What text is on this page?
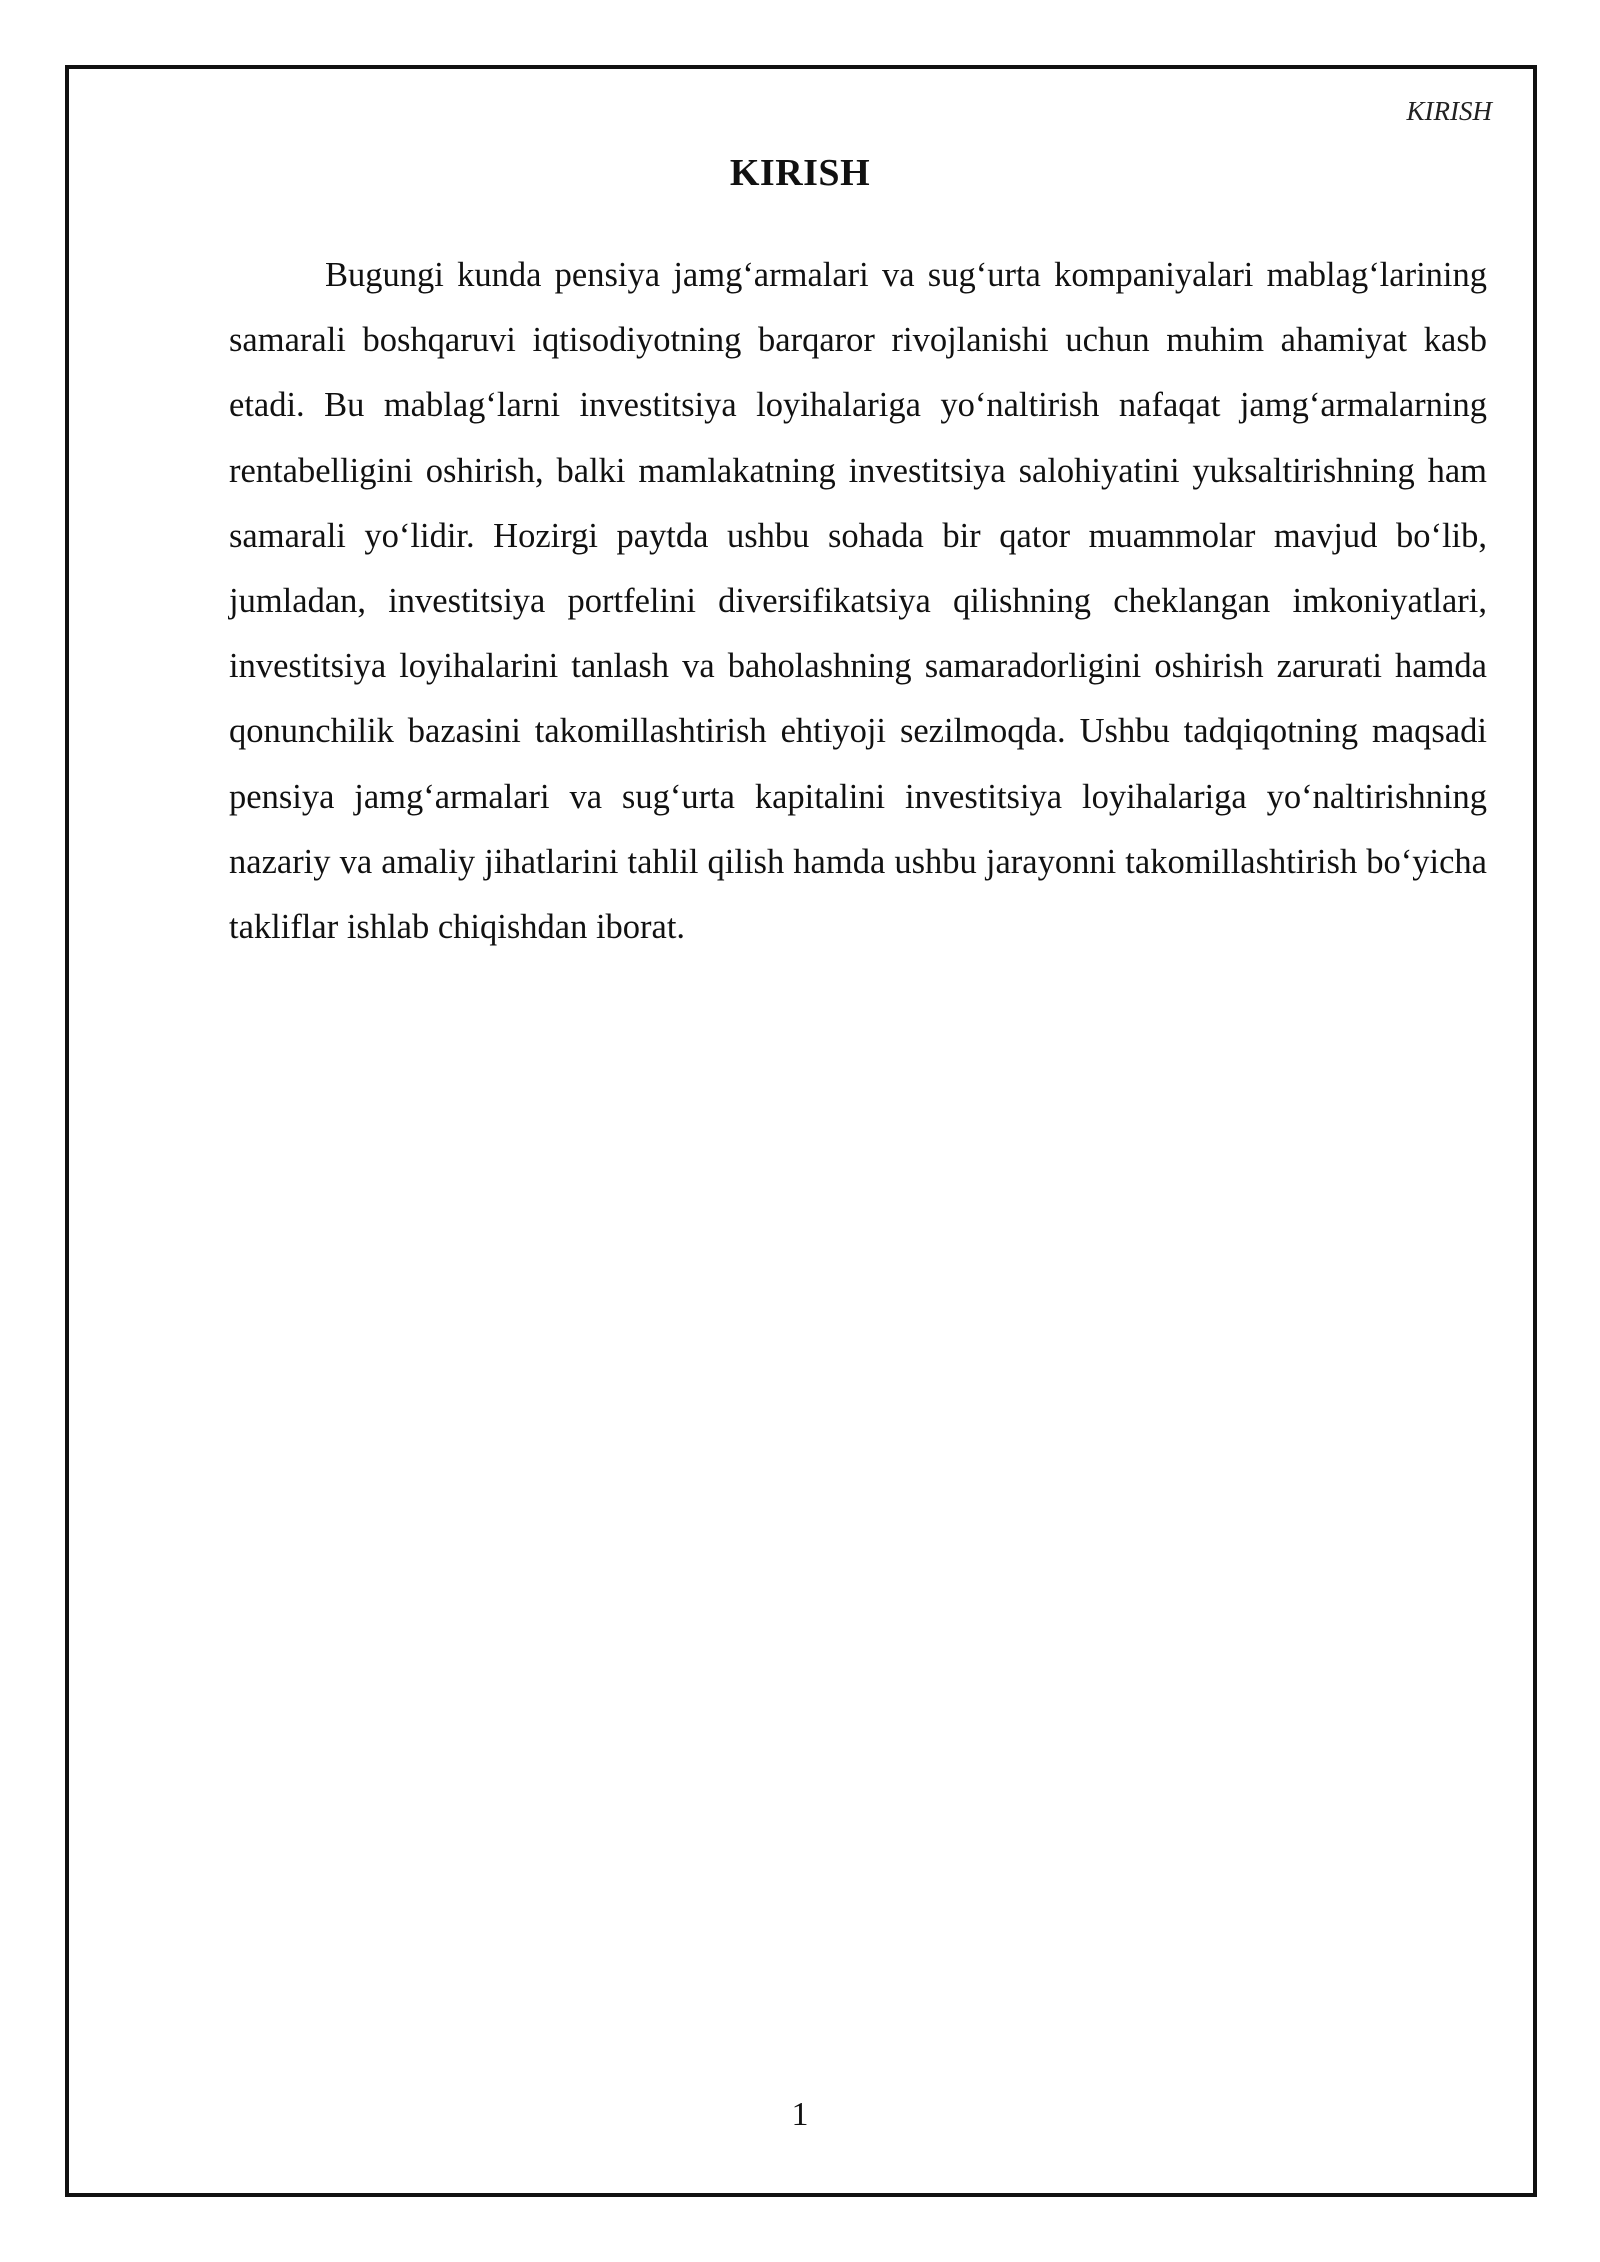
KIRISH
KIRISH

Bugungi kunda pensiya jamg‘armalari va sug‘urta kompaniyalari mablag‘larining samarali boshqaruvi iqtisodiyotning barqaror rivojlanishi uchun muhim ahamiyat kasb etadi. Bu mablag‘larni investitsiya loyihalariga yo‘naltirish nafaqat jamg‘armalarning rentabelligini oshirish, balki mamlakatning investitsiya salohiyatini yuksaltirishning ham samarali yo‘lidir. Hozirgi paytda ushbu sohada bir qator muammolar mavjud bo‘lib, jumladan, investitsiya portfelini diversifikatsiya qilishning cheklangan imkoniyatlari, investitsiya loyihalarini tanlash va baholashning samaradorligini oshirish zarurati hamda qonunchilik bazasini takomillashtirish ehtiyoji sezilmoqda. Ushbu tadqiqotning maqsadi pensiya jamg‘armalari va sug‘urta kapitalini investitsiya loyihalariga yo‘naltirishning nazariy va amaliy jihatlarini tahlil qilish hamda ushbu jarayonni takomillashtirish bo‘yicha takliflar ishlab chiqishdan iborat.

1
